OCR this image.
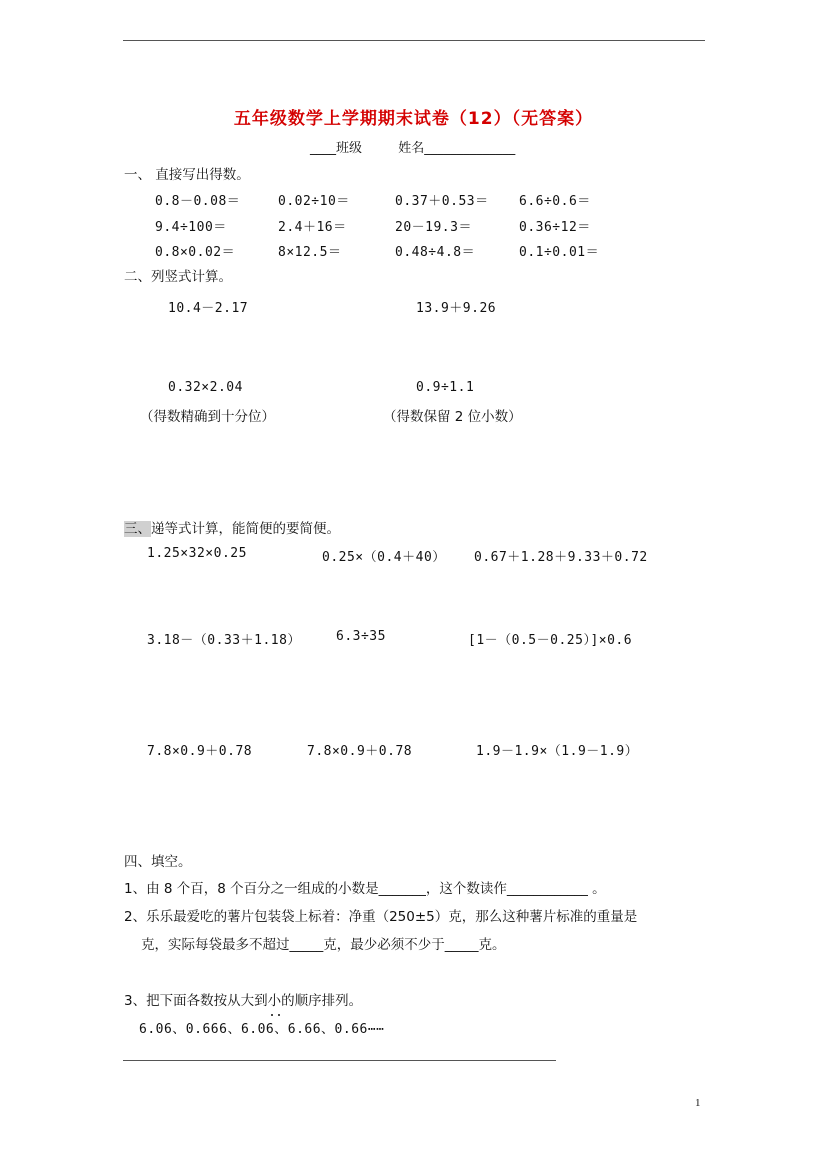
五年级数学上学期期末试卷（12）（无答案）
____班级	姓名______________
一、 直接写出得数。
0.8－0.08＝	0.02÷10＝	0.37＋0.53＝ 6.6÷0.6＝
9.4÷100＝	2.4＋16＝	20－19.3＝	0.36÷12＝
0.8×0.02＝	8×12.5＝	0.48÷4.8＝	0.1÷0.01＝
二、列竖式计算。
10.4－2.17	13.9＋9.26
0.32×2.04	0.9÷1.1
（得数精确到十分位）	（得数保留 2 位小数）
三、递等式计算，能简便的要简便。
1.25×32×0.25	0.25×（0.4＋40） 0.67＋1.28＋9.33＋0.72
3.18－（0.33＋1.18）	6.3÷35	[1－（0.5－0.25）]×0.6
7.8×0.9＋0.78	7.8×0.9＋0.78	1.9－1.9×（1.9－1.9）
四、填空。
1、由 8 个百，8 个百分之一组成的小数是_______，这个数读作____________ 。
2、乐乐最爱吃的薯片包装袋上标着：净重（250±5）克，那么这种薯片标准的重量是
克，实际每袋最多不超过_____克，最少必须不少于_____克。
3、把下面各数按从大到小的顺序排列。
6.06、0.666、6.06、6.66、0.66⋯⋯
1
